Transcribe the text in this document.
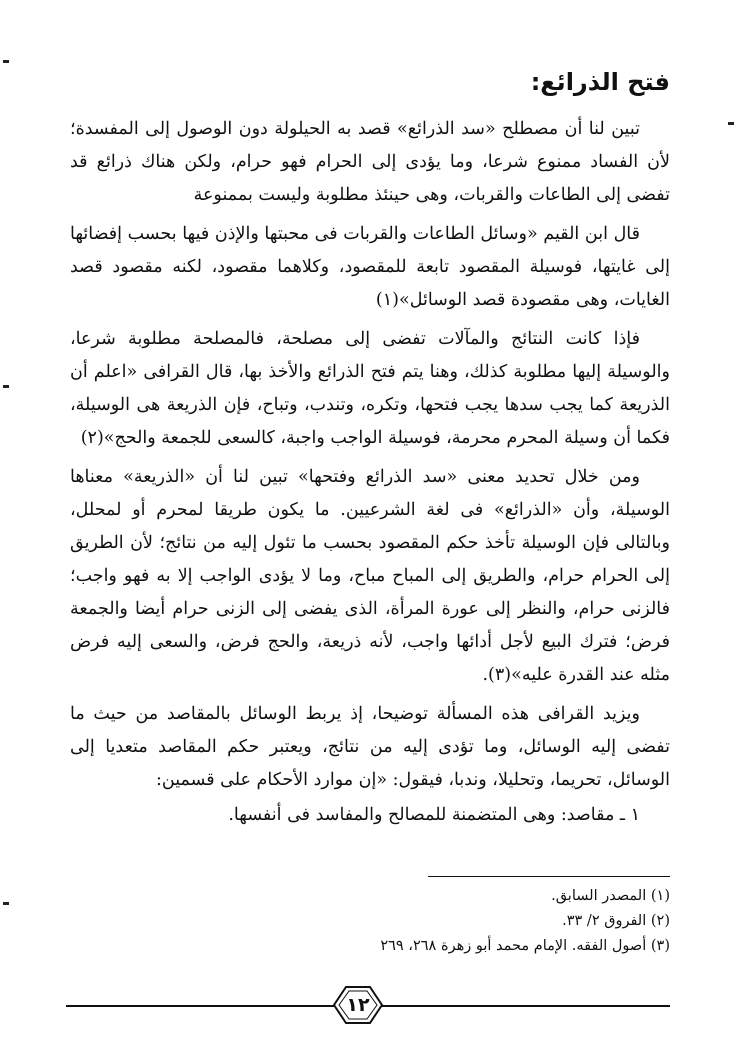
فتح الذرائع:

تبين لنا أن مصطلح «سد الذرائع» قصد به الحيلولة دون الوصول إلى المفسدة؛ لأن الفساد ممنوع شرعا، وما يؤدى إلى الحرام فهو حرام، ولكن هناك ذرائع قد تفضى إلى الطاعات والقربات، وهى حينئذ مطلوبة وليست بممنوعة

قال ابن القيم «وسائل الطاعات والقربات فى محبتها والإذن فيها بحسب إفضائها إلى غايتها، فوسيلة المقصود تابعة للمقصود، وكلاهما مقصود، لكنه مقصود قصد الغايات، وهى مقصودة قصد الوسائل»(١)

فإذا كانت النتائج والمآلات تفضى إلى مصلحة، فالمصلحة مطلوبة شرعا، والوسيلة إليها مطلوبة كذلك، وهنا يتم فتح الذرائع والأخذ بها، قال القرافى «اعلم أن الذريعة كما يجب سدها يجب فتحها، وتكره، وتندب، وتباح، فإن الذريعة هى الوسيلة، فكما أن وسيلة المحرم محرمة، فوسيلة الواجب واجبة، كالسعى للجمعة والحج»(٢)

ومن خلال تحديد معنى «سد الذرائع وفتحها» تبين لنا أن «الذريعة» معناها الوسيلة، وأن «الذرائع» فى لغة الشرعيين. ما يكون طريقا لمحرم أو لمحلل، وبالتالى فإن الوسيلة تأخذ حكم المقصود بحسب ما تئول إليه من نتائج؛ لأن الطريق إلى الحرام حرام، والطريق إلى المباح مباح، وما لا يؤدى الواجب إلا به فهو واجب؛ فالزنى حرام، والنظر إلى عورة المرأة، الذى يفضى إلى الزنى حرام أيضا والجمعة فرض؛ فترك البيع لأجل أدائها واجب، لأنه ذريعة، والحج فرض، والسعى إليه فرض مثله عند القدرة عليه»(٣).

ويزيد القرافى هذه المسألة توضيحا، إذ يربط الوسائل بالمقاصد من حيث ما تفضى إليه الوسائل، وما تؤدى إليه من نتائج، ويعتبر حكم المقاصد متعديا إلى الوسائل، تحريما، وتحليلا، وندبا، فيقول: «إن موارد الأحكام على قسمين:

١ ـ مقاصد: وهى المتضمنة للمصالح والمفاسد فى أنفسها.

(١) المصدر السابق.
(٢) الفروق ٢/ ٣٣.
(٣) أصول الفقه. الإمام محمد أبو زهرة ٢٦٨، ٢٦٩
١٢
